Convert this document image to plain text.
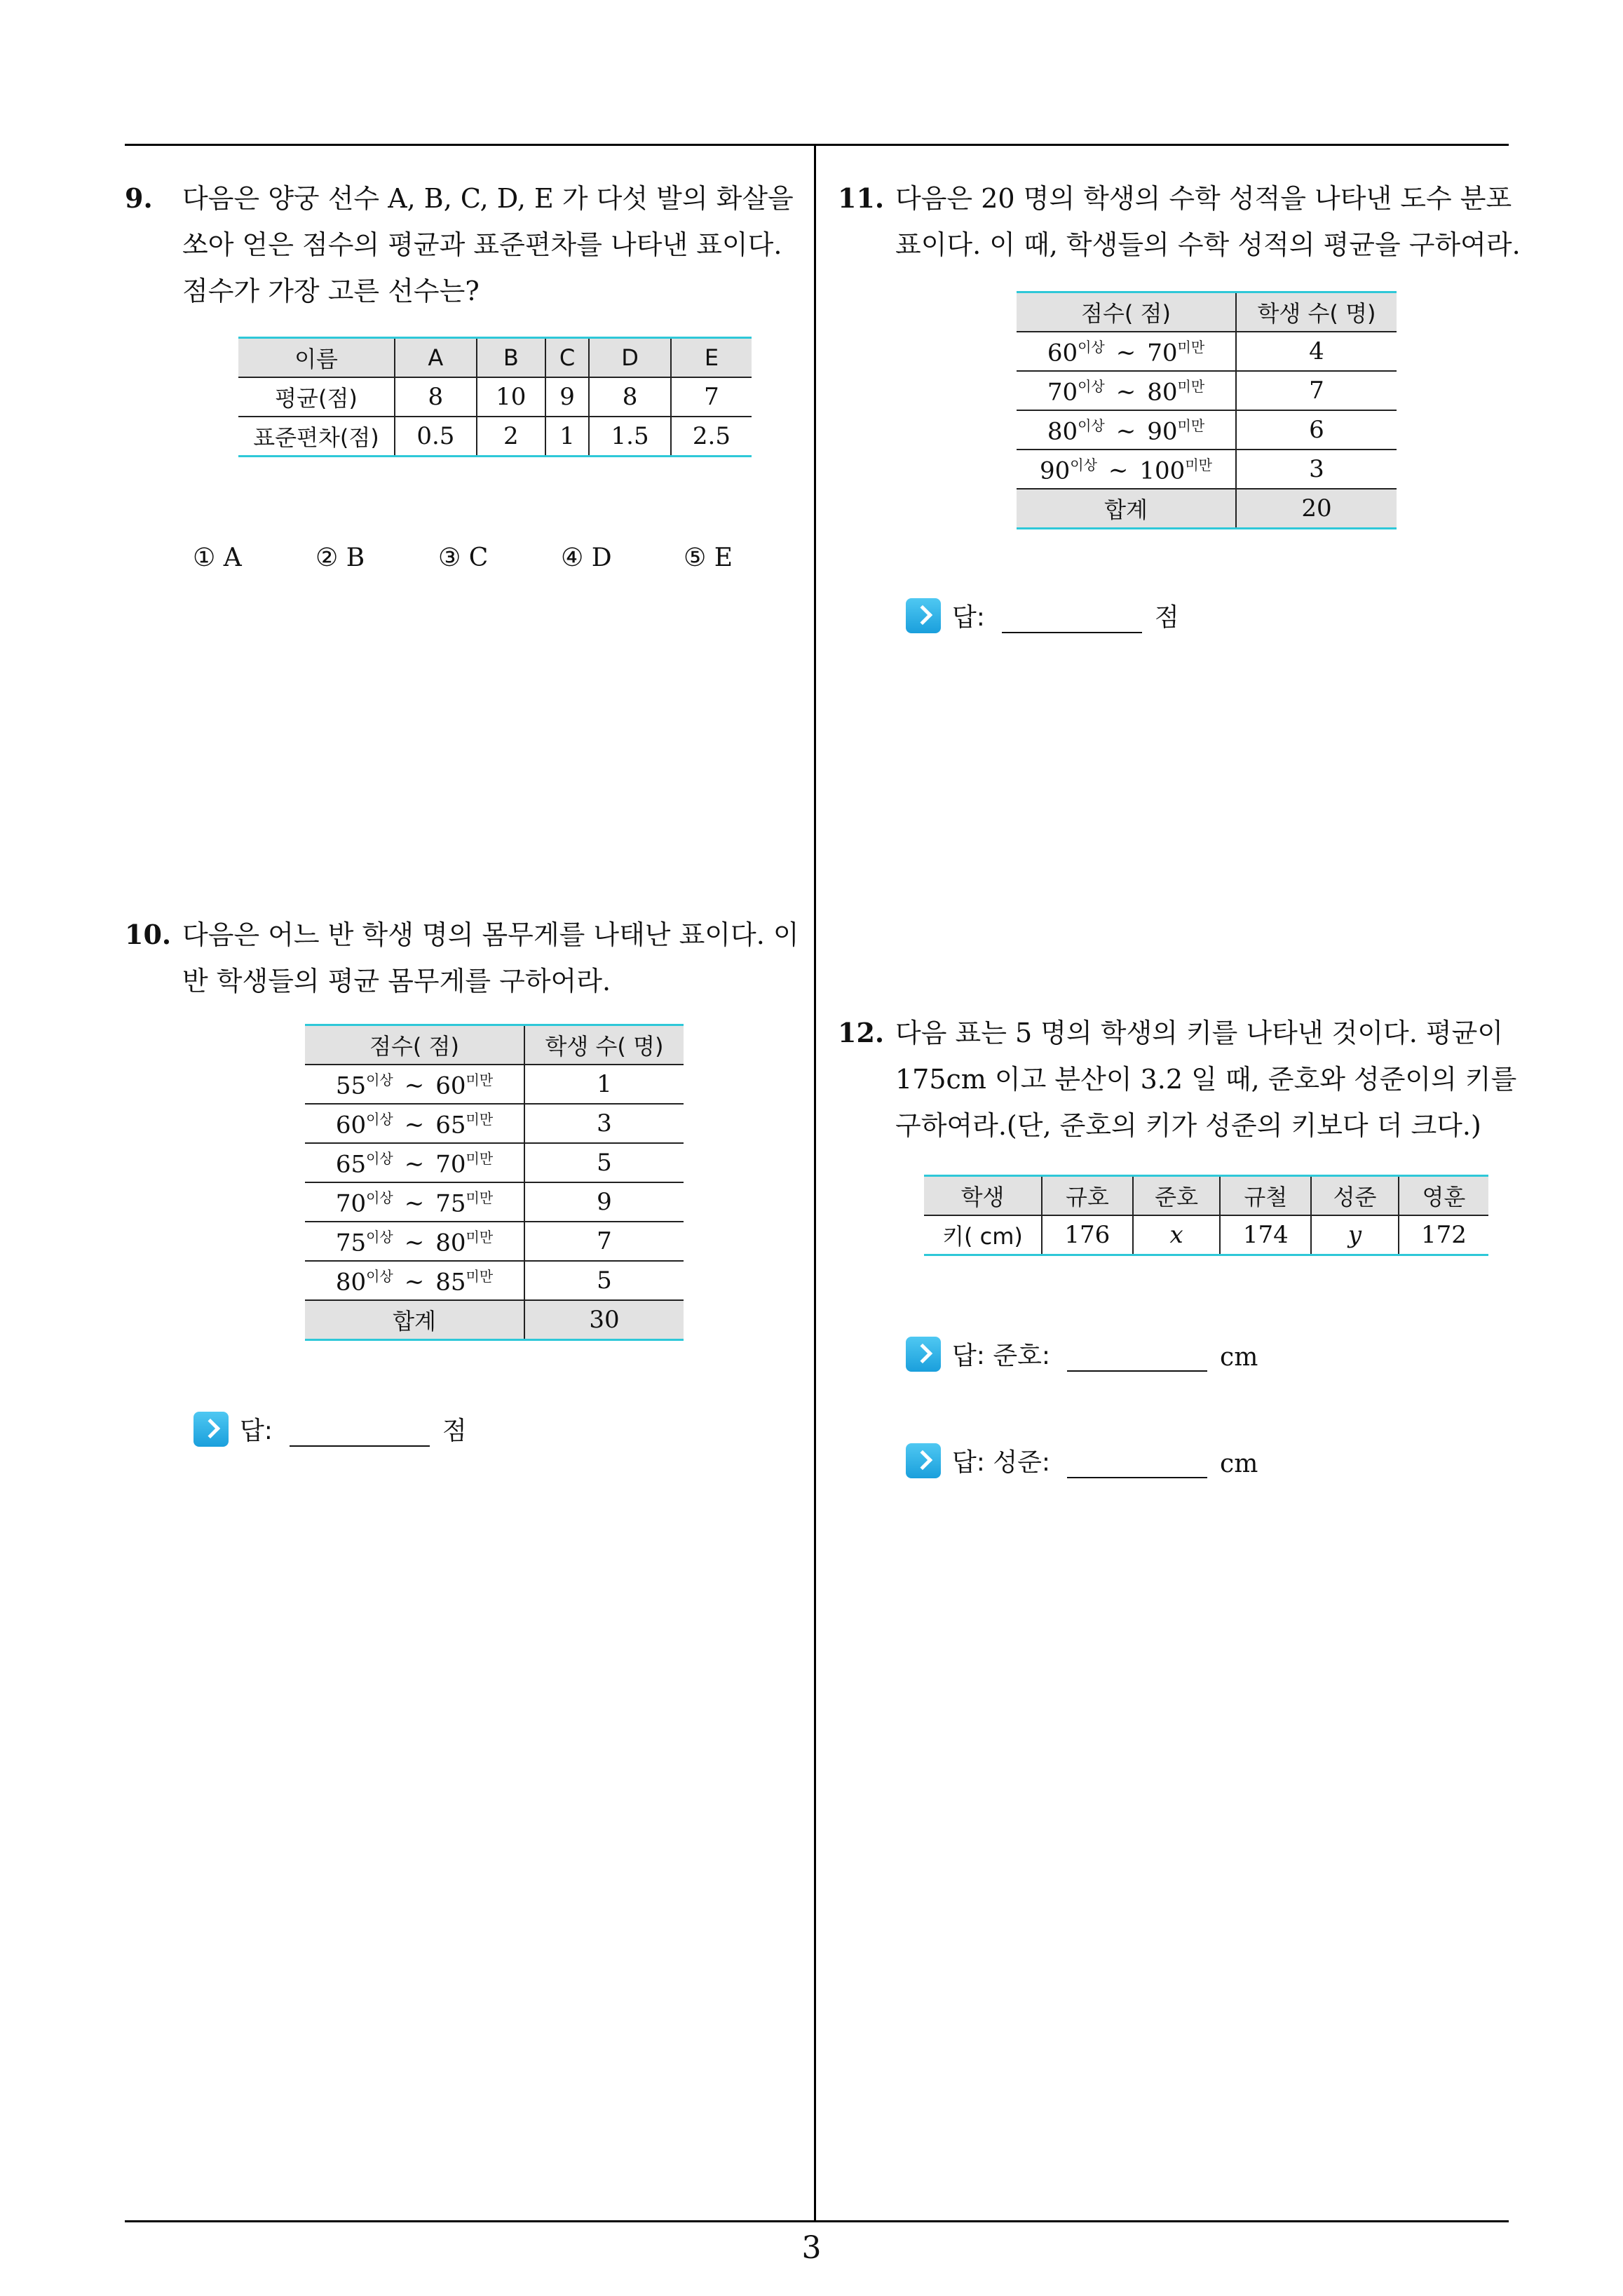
9.	다음은 양궁 선수 A, B, C, D, E 가 다섯 발의 화살을
쏘아 얻은 점수의 평균과 표준편차를 나타낸 표이다.
점수가 가장 고른 선수는?
이름	A	B	C	D	E
평균(점)	8	10	9	8	7
표준편차(점)	0.5	2	1	1.5	2.5
① A	② B	③ C	④ D	⑤ E
10. 다음은 어느 반 학생 명의 몸무게를 나태난 표이다. 이
반 학생들의 평균 몸무게를 구하어라.
점수( 점)	학생 수( 명)
$55^{이상}$ ∼ $60^{미만}$	1
$60^{이상}$ ∼ $65^{미만}$	3
$65^{이상}$ ∼ $70^{미만}$	5
$70^{이상}$ ∼ $75^{미만}$	9
$75^{이상}$ ∼ $80^{미만}$	7
$80^{이상}$ ∼ $85^{미만}$	5
합계	30
답:	점
11. 다음은 20 명의 학생의 수학 성적을 나타낸 도수 분포
표이다. 이 때, 학생들의 수학 성적의 평균을 구하여라.
점수( 점)	학생 수( 명)
$60^{이상}$ ∼ $70^{미만}$	4
$70^{이상}$ ∼ $80^{미만}$	7
$80^{이상}$ ∼ $90^{미만}$	6
$90^{이상}$ ∼ $100^{미만}$	3
합계	20
답:	점
12. 다음 표는 5 명의 학생의 키를 나타낸 것이다. 평균이
175cm 이고 분산이 3.2 일 때, 준호와 성준이의 키를
구하여라.(단, 준호의 키가 성준의 키보다 더 크다.)
학생	규호	준호	규철	성준	영훈
키( cm)	176	x	174	y	172
답: 준호:	cm
답: 성준:	cm
3
